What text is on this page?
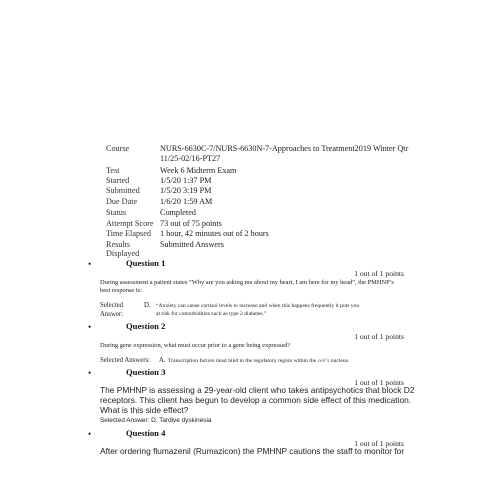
Course	NURS-6630C-7/NURS-6630N-7-Approaches to Treatment2019 Winter Qtr
11/25-02/16-PT27
Test	Week 6 Midterm Exam
Started	1/5/20 1:37 PM
Submitted 1/5/20 3:19 PM
Due Date	1/6/20 1:59 AM
Status	Completed
Attempt Score 73 out of 75 points
Time Elapsed 1 hour, 42 minutes out of 2 hours
Results
Displayed
Submitted Answers
•	Question 1
1 out of 1 points
During assessment a patient states “Why are you asking me about my heart, I am here for my head”, the PMHNP’s
best response is:
Selected
Answer:
D. “Anxiety can cause cortisol levels to increase and when this happens frequently it puts you
at risk for comorbidities such as type 2 diabetes.”
•	Question 2
1 out of 1 points
During gene expression, what must occur prior to a gene being expressed?
Selected Answers: A. Transcription factors must bind to the regulatory region within the cell’s nucleus.
•	Question 3
1 out of 1 points
The PMHNP is assessing a 29-year-old client who takes antipsychotics that block D2
receptors. This client has begun to develop a common side effect of this medication.
What is this side effect?
Selected Answer: D. Tardive dyskinesia
•	Question 4
1 out of 1 points
After ordering flumazenil (Rumazicon) the PMHNP cautions the staff to monitor for
